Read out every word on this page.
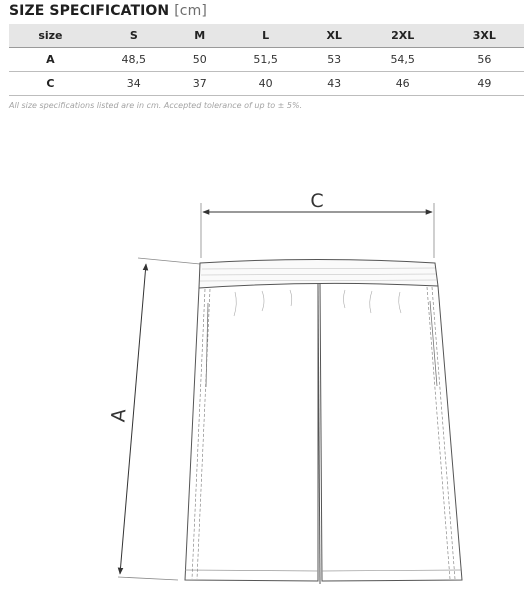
SIZE SPECIFICATION [cm]
size	S	M	L	XL	2XL	3XL
A	48,5	50	51,5	53	54,5	56
C	34	37	40	43	46	49
All size specifications listed are in cm. Accepted tolerance of up to ± 5%.
C
A
